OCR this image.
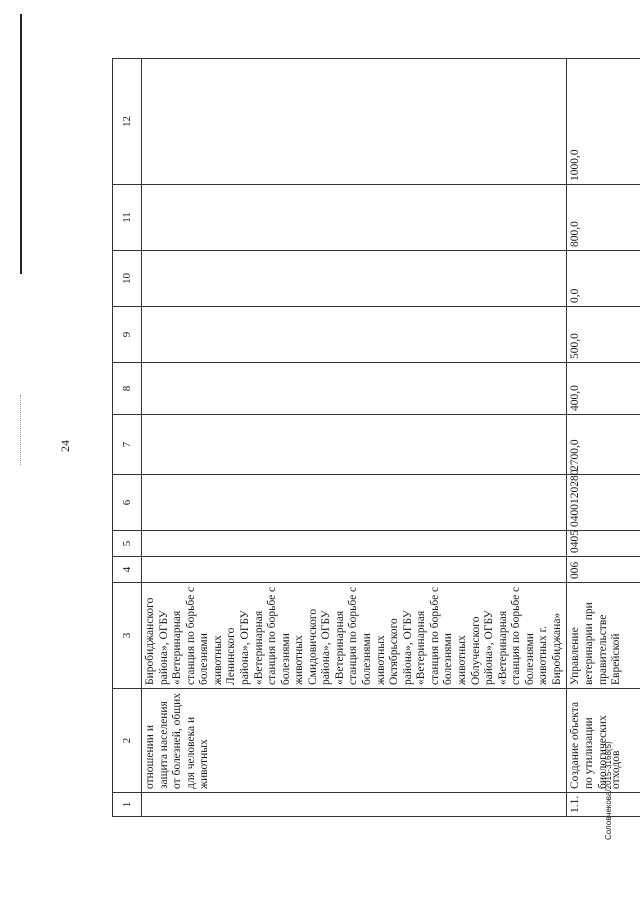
24
Соловчекова/2015-3168(5)
1	2	3	4	5	6	7	8	9	10	11	12
	отношении и защита населения от болезней, общих для человека и животных	Биробиджанского района», ОГБУ «Ветеринарная станция по борьбе с болезнями животных Ленинского района», ОГБУ «Ветеринарная станция по борьбе с болезнями животных Смидовичского района», ОГБУ «Ветеринарная станция по борьбе с болезнями животных Октябрьского района», ОГБУ «Ветеринарная станция по борьбе с болезнями животных Облученского района», ОГБУ «Ветеринарная станция по борьбе с болезнями животных г. Биробиджана»									
1.1.	Создание объекта по утилизации биологических отходов	Управление ветеринарии при правительстве Еврейской	006	0405	0400120280	2700,0	400,0	500,0	0,0	800,0	1000,0
